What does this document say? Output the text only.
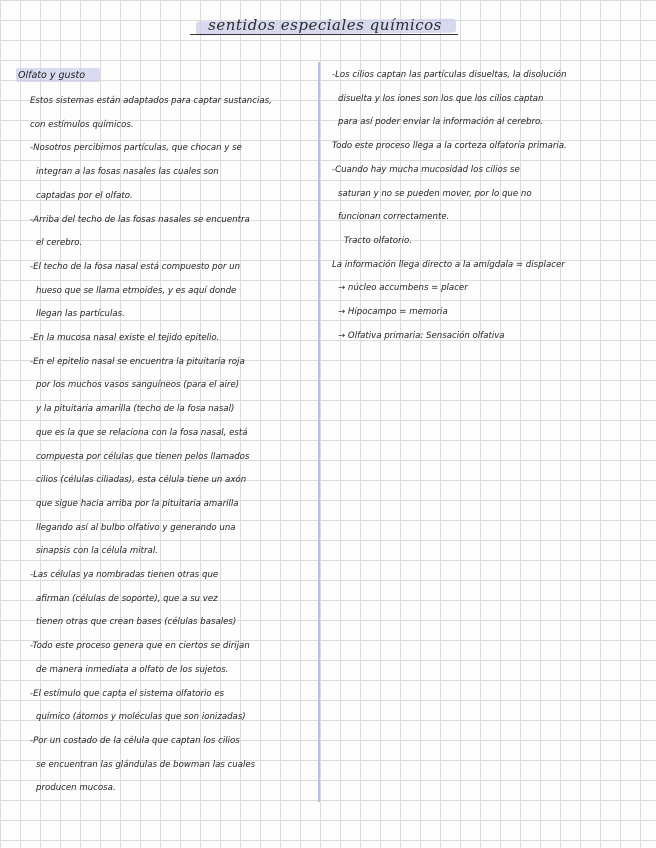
sentidos especiales químicos
Olfato y gusto
Estos sistemas están adaptados para captar sustancias,
con estímulos químicos.
-Nosotros percibimos partículas, que chocan y se
integran a las fosas nasales las cuales son
captadas por el olfato.
-Arriba del techo de las fosas nasales se encuentra
el cerebro.
-El techo de la fosa nasal está compuesto por un
hueso que se llama etmoides, y es aquí donde
llegan las partículas.
-En la mucosa nasal existe el tejido epitelio.
-En el epitelio nasal se encuentra la pituitaria roja
por los muchos vasos sanguíneos (para el aire)
y la pituitaria amarilla (techo de la fosa nasal)
que es la que se relaciona con la fosa nasal, está
compuesta por células que tienen pelos llamados
cilios (células ciliadas), esta célula tiene un axón
que sigue hacia arriba por la pituitaria amarilla
llegando así al bulbo olfativo y generando una
sinapsis con la célula mitral.
-Las células ya nombradas tienen otras que
afirman (células de soporte), que a su vez
tienen otras que crean bases (células basales)
-Todo este proceso genera que en ciertos se dirijan
de manera inmediata a olfato de los sujetos.
-El estímulo que capta el sistema olfatorio es
químico (átomos y moléculas que son ionizadas)
-Por un costado de la célula que captan los cilios
se encuentran las glándulas de bowman las cuales
producen mucosa.
-Los cilios captan las partículas disueltas, la disolución
disuelta y los iones son los que los cilios captan
para así poder enviar la información al cerebro.
Todo este proceso llega a la corteza olfatoria primaria.
-Cuando hay mucha mucosidad los cilios se
saturan y no se pueden mover, por lo que no
funcionan correctamente.
Tracto olfatorio.
La información llega directo a la amígdala = displacer
→ núcleo accumbens = placer
→ Hipocampo = memoria
→ Olfativa primaria: Sensación olfativa
